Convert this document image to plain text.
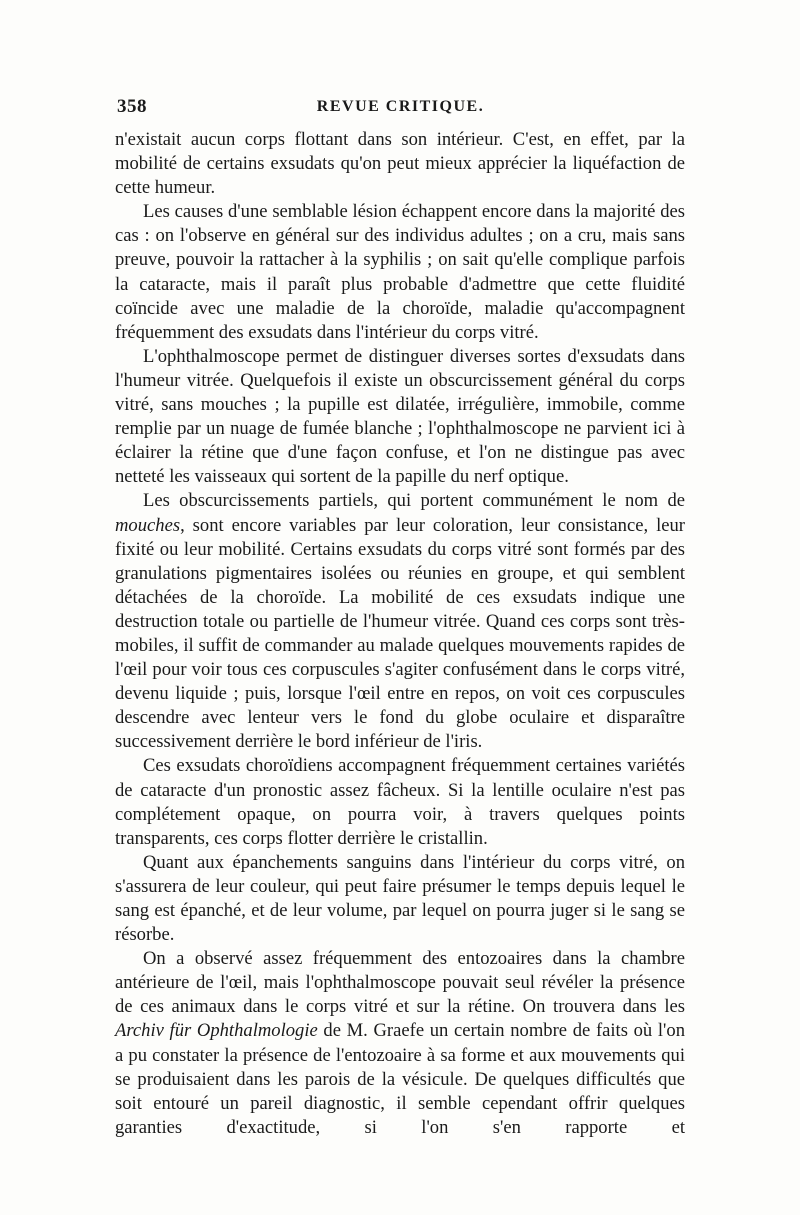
358	REVUE CRITIQUE.

n'existait aucun corps flottant dans son intérieur. C'est, en effet, par la mobilité de certains exsudats qu'on peut mieux apprécier la liquéfaction de cette humeur.

Les causes d'une semblable lésion échappent encore dans la majorité des cas : on l'observe en général sur des individus adultes ; on a cru, mais sans preuve, pouvoir la rattacher à la syphilis ; on sait qu'elle complique parfois la cataracte, mais il paraît plus probable d'admettre que cette fluidité coïncide avec une maladie de la choroïde, maladie qu'accompagnent fréquemment des exsudats dans l'intérieur du corps vitré.

L'ophthalmoscope permet de distinguer diverses sortes d'exsudats dans l'humeur vitrée. Quelquefois il existe un obscurcissement général du corps vitré, sans mouches ; la pupille est dilatée, irrégulière, immobile, comme remplie par un nuage de fumée blanche ; l'ophthalmoscope ne parvient ici à éclairer la rétine que d'une façon confuse, et l'on ne distingue pas avec netteté les vaisseaux qui sortent de la papille du nerf optique.

Les obscurcissements partiels, qui portent communément le nom de mouches, sont encore variables par leur coloration, leur consistance, leur fixité ou leur mobilité. Certains exsudats du corps vitré sont formés par des granulations pigmentaires isolées ou réunies en groupe, et qui semblent détachées de la choroïde. La mobilité de ces exsudats indique une destruction totale ou partielle de l'humeur vitrée. Quand ces corps sont très-mobiles, il suffit de commander au malade quelques mouvements rapides de l'œil pour voir tous ces corpuscules s'agiter confusément dans le corps vitré, devenu liquide ; puis, lorsque l'œil entre en repos, on voit ces corpuscules descendre avec lenteur vers le fond du globe oculaire et disparaître successivement derrière le bord inférieur de l'iris.

Ces exsudats choroïdiens accompagnent fréquemment certaines variétés de cataracte d'un pronostic assez fâcheux. Si la lentille oculaire n'est pas complétement opaque, on pourra voir, à travers quelques points transparents, ces corps flotter derrière le cristallin.

Quant aux épanchements sanguins dans l'intérieur du corps vitré, on s'assurera de leur couleur, qui peut faire présumer le temps depuis lequel le sang est épanché, et de leur volume, par lequel on pourra juger si le sang se résorbe.

On a observé assez fréquemment des entozoaires dans la chambre antérieure de l'œil, mais l'ophthalmoscope pouvait seul révéler la présence de ces animaux dans le corps vitré et sur la rétine. On trouvera dans les Archiv für Ophthalmologie de M. Graefe un certain nombre de faits où l'on a pu constater la présence de l'entozoaire à sa forme et aux mouvements qui se produisaient dans les parois de la vésicule. De quelques difficultés que soit entouré un pareil diagnostic, il semble cependant offrir quelques garanties d'exactitude, si l'on s'en rapporte et
